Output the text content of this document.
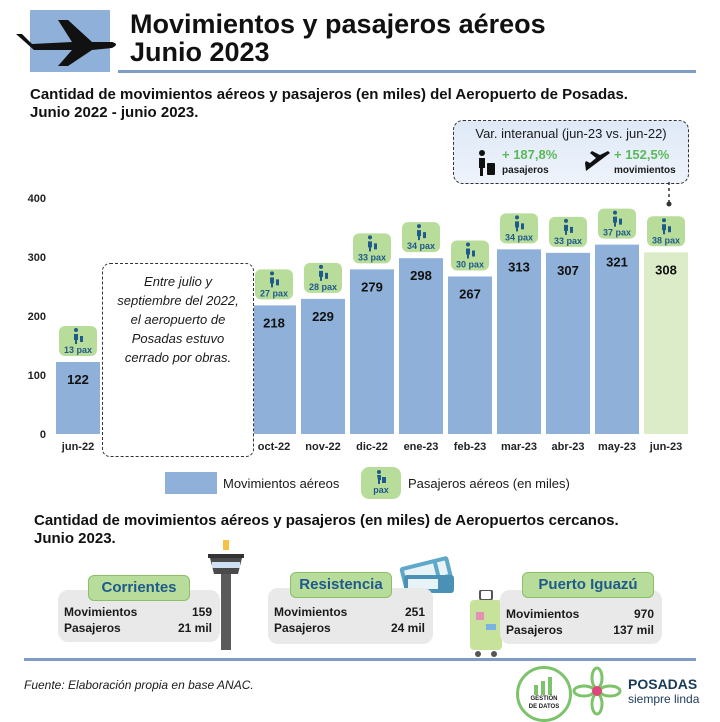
Movimientos y pasajeros aéreos
Junio 2023
Cantidad de movimientos aéreos y pasajeros (en miles) del Aeropuerto de Posadas.
Junio 2022 - junio 2023.
Var. interanual (jun-23 vs. jun-22)
+ 187,8%
pasajeros
+ 152,5%
movimientos
0
100
200
300
400
122
jun-22
13 pax
218
oct-22
27 pax
229
nov-22
28 pax 279
dic-22
33 pax
298
ene-23
34 pax
267
feb-23
30 pax 313
mar-23
34 pax
307
abr-23
33 pax
321
may-23
37 pax
308
jun-23
38 pax
Entre julio y septiembre del 2022, el aeropuerto de Posadas estuvo cerrado por obras.
Movimientos aéreos	pax	Pasajeros aéreos (en miles)
Cantidad de movimientos aéreos y pasajeros (en miles) de Aeropuertos cercanos.
Junio 2023.
Movimientos	159
Pasajeros	21 mil
Corrientes
Movimientos	251
Pasajeros	24 mil
Resistencia
Movimientos	970
Pasajeros	137 mil
Puerto Iguazú
Fuente: Elaboración propia en base ANAC.
GESTIÓN
DE DATOS
POSADAS
siempre linda
